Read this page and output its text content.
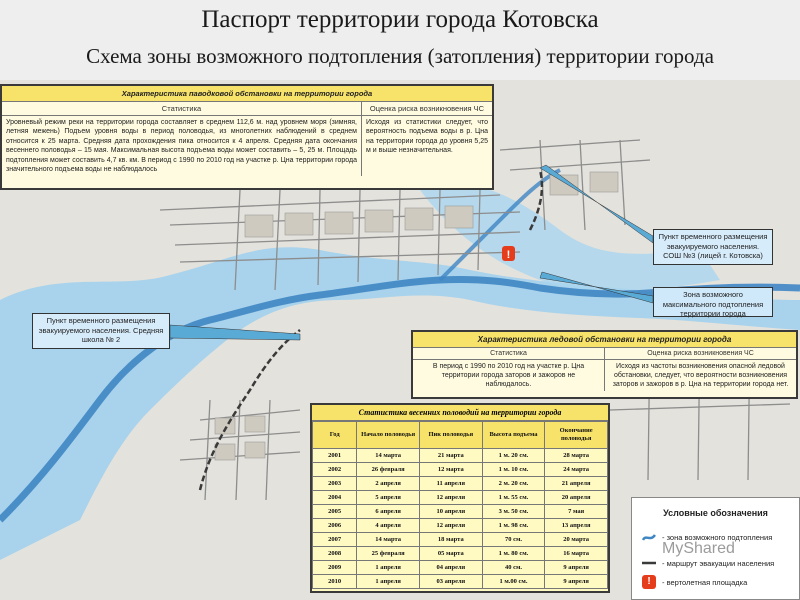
Паспорт территории города Котовска
Схема зоны возможного подтопления (затопления) территории города
!
Характеристика паводковой обстановки на территории города
Статистика
Уровневый режим реки на территории города составляет в среднем 112,6 м. над уровнем моря (зимняя, летняя межень) Подъем уровня воды в период половодья, из многолетних наблюдений в среднем относится к 25 марта. Средняя дата прохождения пика относится к 4 апреля. Средняя дата окончания весеннего половодья – 15 мая. Максимальная высота подъема воды может составить – 5, 25 м. Площадь подтопления может составить 4,7 кв. км. В период с 1990 по 2010 год на участке р. Цна территории города значительного подъема воды не наблюдалось
Оценка риска возникновения ЧС
Исходя из статистики следует, что вероятность подъема воды в р. Цна на территории города до уровня 5,25 м и выше незначительная.
Характеристика ледовой обстановки на территории города
Статистика
В период с 1990 по 2010 год на участке р. Цна территории города заторов и зажоров не наблюдалось.
Оценка риска возникновения ЧС
Исходя из частоты возникновения опасной ледовой обстановки, следует, что вероятности возникновения заторов и зажоров в р. Цна на территории города нет.
Пункт временного размещения эвакуируемого населения. Средняя школа № 2
Пункт временного размещения эвакуируемого населения. СОШ №3 (лицей г. Котовска)
Зона возможного максимального подтопления территории города
Статистика весенних половодий на территории города
Год	Начало половодья	Пик половодья	Высота подъема	Окончание половодья
2001	14 марта	21 марта	1 м. 20 см.	28 марта
2002	26 февраля	12 марта	1 м. 10 см.	24 марта
2003	2 апреля	11 апреля	2 м. 20 см.	21 апреля
2004	5 апреля	12 апреля	1 м. 55 см.	20 апреля
2005	6 апреля	10 апреля	3 м. 50 см.	7 мая
2006	4 апреля	12 апреля	1 м. 98 см.	13 апреля
2007	14 марта	18 марта	70 см.	20 марта
2008	25 февраля	05 марта	1 м. 80 см.	16 марта
2009	1 апреля	04 апреля	40 см.	9 апреля
2010	1 апреля	03 апреля	1 м.00 см.	9 апреля
Условные обозначения
- зона возможного подтопления
- маршрут эвакуации населения
!	- вертолетная площадка
MyShared
